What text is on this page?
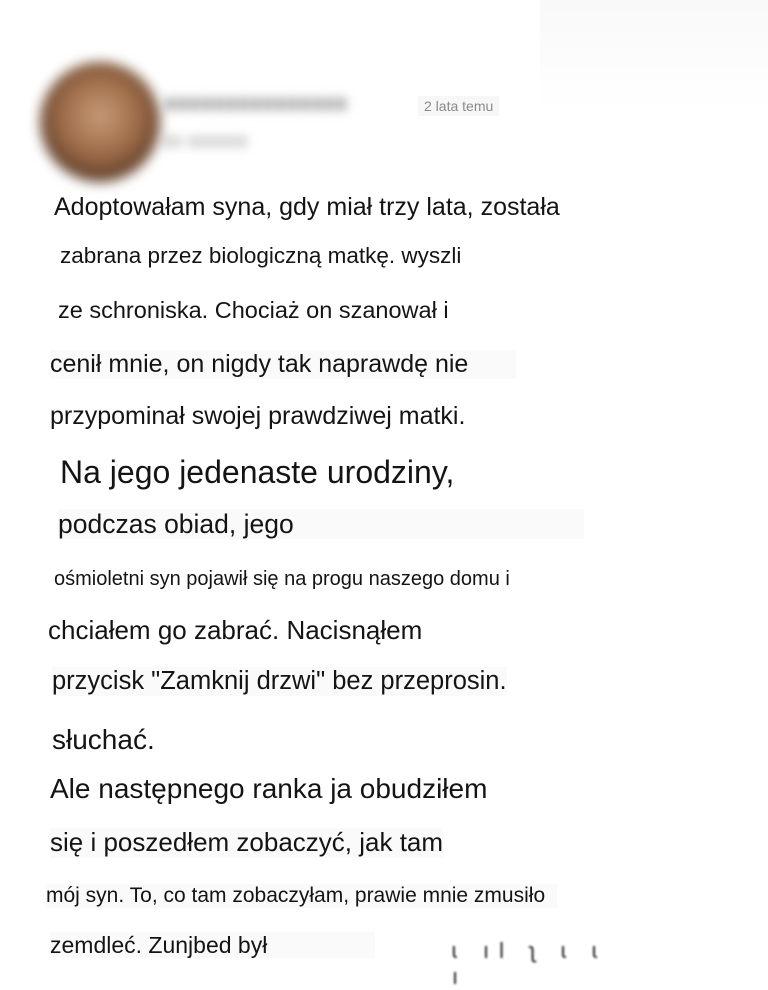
xxxxxxxxxxxxxxx
xx xxxxxx
2 lata temu
Adoptowałam syna, gdy miał trzy lata, została
zabrana przez biologiczną matkę. wyszli
ze schroniska. Chociaż on szanował i
cenił mnie, on nigdy tak naprawdę nie
przypominał swojej prawdziwej matki.
Na jego jedenaste urodziny,
podczas obiad, jego
ośmioletni syn pojawił się na progu naszego domu i
chciałem go zabrać. Nacisnąłem
przycisk "Zamknij drzwi" bez przeprosin.
słuchać.
Ale następnego ranka ja obudziłem
się i poszedłem zobaczyć, jak tam
mój syn. To, co tam zobaczyłam, prawie mnie zmusiło
zemdleć. Zunjbed był	ɩ ıƖ ʅ ɩ ɩ ı
